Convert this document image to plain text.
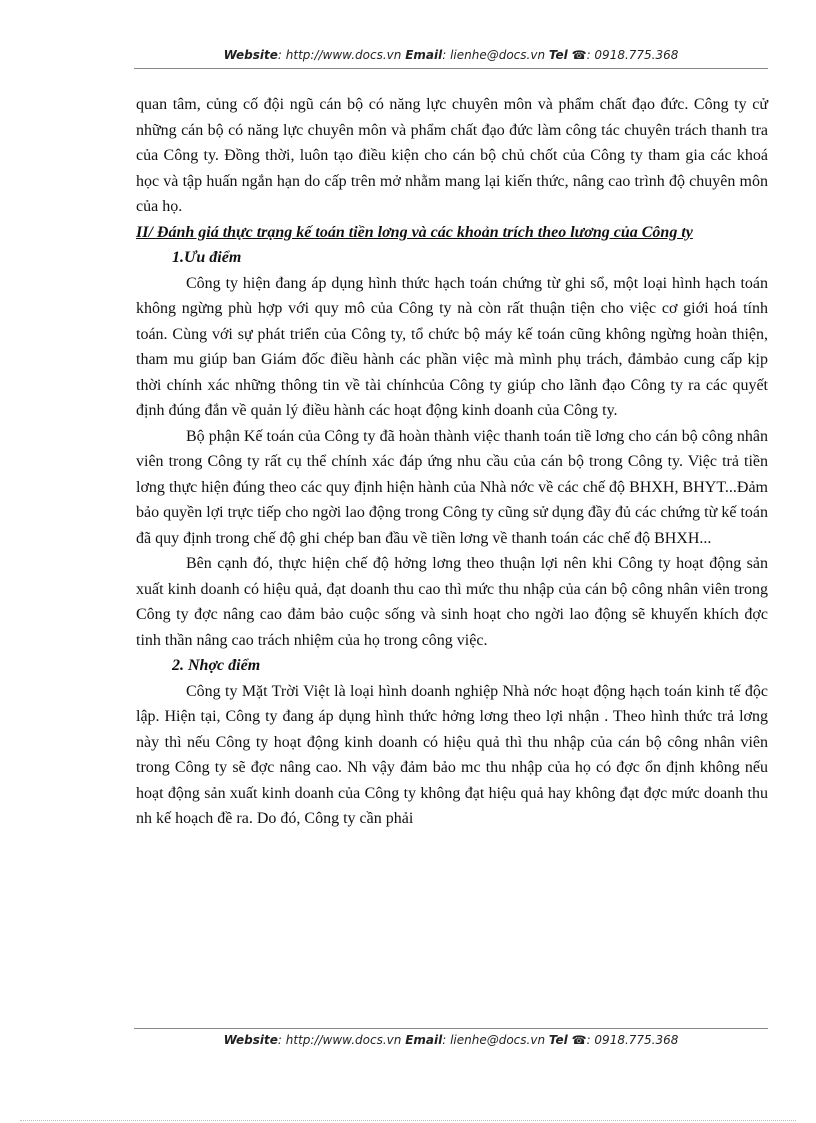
Website: http://www.docs.vn Email: lienhe@docs.vn Tel ☎: 0918.775.368

quan tâm, củng cố đội ngũ cán bộ có năng lực chuyên môn và phẩm chất đạo đức. Công ty cử những cán bộ có năng lực chuyên môn và phẩm chất đạo đức làm công tác chuyên trách thanh tra của Công ty. Đồng thời, luôn tạo điều kiện cho cán bộ chủ chốt của Công ty tham gia các khoá học và tập huấn ngắn hạn do cấp trên mở nhằm mang lại kiến thức, nâng cao trình độ chuyên môn của họ.

II/ Đánh giá thực trạng kế toán tiền lơng và các khoản trích theo lương của Công ty

1.Ưu điểm

Công ty hiện đang áp dụng hình thức hạch toán chứng từ ghi sổ, một loại hình hạch toán không ngừng phù hợp với quy mô của Công ty nà còn rất thuận tiện cho việc cơ giới hoá tính toán. Cùng với sự phát triển của Công ty, tổ chức bộ máy kế toán cũng không ngừng hoàn thiện, tham mu giúp ban Giám đốc điều hành các phần việc mà mình phụ trách, đảmbảo cung cấp kịp thời chính xác những thông tin về tài chínhcủa Công ty giúp cho lãnh đạo Công ty ra các quyết định đúng đắn về quản lý điều hành các hoạt động kinh doanh của Công ty.

Bộ phận Kế toán của Công ty đã hoàn thành việc thanh toán tiề lơng cho cán bộ công nhân viên trong Công ty rất cụ thể chính xác đáp ứng nhu cầu của cán bộ trong Công ty. Việc trả tiền lơng thực hiện đúng theo các quy định hiện hành của Nhà nớc về các chế độ BHXH, BHYT...Đảm bảo quyền lợi trực tiếp cho ngời lao động trong Công ty cũng sử dụng đầy đủ các chứng từ kế toán đã quy định trong chế độ ghi chép ban đầu về tiền lơng về thanh toán các chế độ BHXH...

Bên cạnh đó, thực hiện chế độ hởng lơng theo thuận lợi nên khi Công ty hoạt động sản xuất kinh doanh có hiệu quả, đạt doanh thu cao thì mức thu nhập của cán bộ công nhân viên trong Công ty đợc nâng cao đảm bảo cuộc sống và sinh hoạt cho ngời lao động sẽ khuyến khích đợc tinh thần nâng cao trách nhiệm của họ trong công việc.

2. Nhợc điểm

Công ty Mặt Trời Việt là loại hình doanh nghiệp Nhà nớc hoạt động hạch toán kinh tế độc lập. Hiện tại, Công ty đang áp dụng hình thức hởng lơng theo lợi nhận . Theo hình thức trả lơng này thì nếu Công ty hoạt động kinh doanh có hiệu quả thì thu nhập của cán bộ công nhân viên trong Công ty sẽ đợc nâng cao. Nh vậy đảm bảo mc thu nhập của họ có đợc ổn định không nếu hoạt động sản xuất kinh doanh của Công ty không đạt hiệu quả hay không đạt đợc mức doanh thu nh kế hoạch đề ra. Do đó, Công ty cần phải

Website: http://www.docs.vn Email: lienhe@docs.vn Tel ☎: 0918.775.368
